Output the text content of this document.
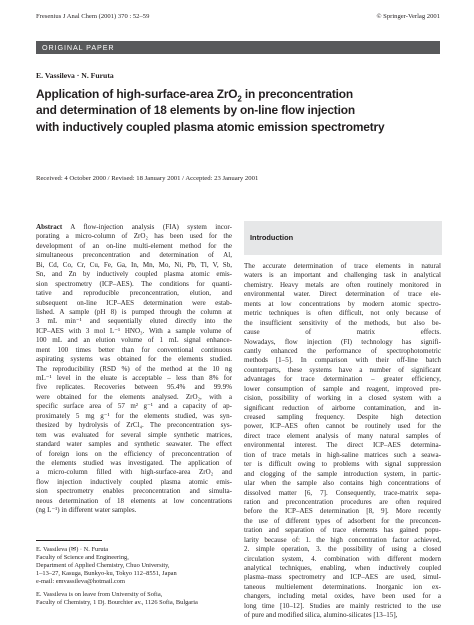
Fresenius J Anal Chem (2001) 370 : 52–59	© Springer-Verlag 2001
ORIGINAL PAPER
E. Vassileva · N. Furuta
Application of high-surface-area ZrO$_2$ in preconcentration
and determination of 18 elements by on-line flow injection
with inductively coupled plasma atomic emission spectrometry
Received: 4 October 2000 / Revised: 18 January 2001 / Accepted: 23 January 2001
Abstract A flow-injection analysis (FIA) system incor-
porating a micro-column of ZrO₂ has been used for the
development of an on-line multi-element method for the
simultaneous preconcentration and determination of Al,
Bi, Cd, Co, Cr, Cu, Fe, Ga, In, Mn, Mo, Ni, Pb, Tl, V, Sb,
Sn, and Zn by inductively coupled plasma atomic emis-
sion spectrometry (ICP–AES). The conditions for quanti-
tative and reproducible preconcentration, elution, and
subsequent on-line ICP–AES determination were estab-
lished. A sample (pH 8) is pumped through the column at
3 mL min⁻¹ and sequentially eluted directly into the
ICP–AES with 3 mol L⁻¹ HNO₃. With a sample volume of
100 mL and an elution volume of 1 mL signal enhance-
ment 100 times better than for conventional continuous
aspirating systems was obtained for the elements studied.
The reproducibility (RSD %) of the method at the 10 ng
mL⁻¹ level in the eluate is acceptable – less than 8% for
five replicates. Recoveries between 95.4% and 99.9%
were obtained for the elements analysed. ZrO₂, with a
specific surface area of 57 m² g⁻¹ and a capacity of ap-
proximately 5 mg g⁻¹ for the elements studied, was syn-
thesized by hydrolysis of ZrCl₄. The preconcentration sys-
tem was evaluated for several simple synthetic matrices,
standard water samples and synthetic seawater. The effect
of foreign ions on the efficiency of preconcentration of
the elements studied was investigated. The application of
a micro-column filled with high-surface-area ZrO₂ and
flow injection inductively coupled plasma atomic emis-
sion spectrometry enables preconcentration and simulta-
neous determination of 18 elements at low concentrations
(ng L⁻¹) in different water samples.
Introduction
The accurate determination of trace elements in natural
waters is an important and challenging task in analytical
chemistry. Heavy metals are often routinely monitored in
environmental water. Direct determination of trace ele-
ments at low concentrations by modern atomic spectro-
metric techniques is often difficult, not only because of
the insufficient sensitivity of the methods, but also be-
cause of matrix effects.
Nowadays, flow injection (FI) technology has signifi-
cantly enhanced the performance of spectrophotometric
methods [1–5]. In comparison with their off-line batch
counterparts, these systems have a number of significant
advantages for trace determination – greater efficiency,
lower consumption of sample and reagent, improved pre-
cision, possibility of working in a closed system with a
significant reduction of airborne contamination, and in-
creased sampling frequency. Despite high detection
power, ICP–AES often cannot be routinely used for the
direct trace element analysis of many natural samples of
environmental interest. The direct ICP–AES determina-
tion of trace metals in high-saline matrices such a seawa-
ter is difficult owing to problems with signal suppression
and clogging of the sample introduction system, in partic-
ular when the sample also contains high concentrations of
dissolved matter [6, 7]. Consequently, trace-matrix sepa-
ration and preconcentration procedures are often required
before the ICP–AES determination [8, 9]. More recently
the use of different types of adsorbent for the preconcen-
tration and separation of trace elements has gained popu-
larity because of: 1. the high concentration factor achieved,
2. simple operation, 3. the possibility of using a closed
circulation system, 4. combination with different modern
analytical techniques, enabling, when inductively coupled
plasma–mass spectrometry and ICP–AES are used, simul-
taneous multielement determinations. Inorganic ion ex-
changers, including metal oxides, have been used for a
long time [10–12]. Studies are mainly restricted to the use
of pure and modified silica, alumino-silicates [13–15],
E. Vassileva (✉) · N. Furuta
Faculty of Science and Engineering,
Department of Applied Chemistry, Chuo University,
1–13–27, Kasuga, Bunkyo-ku, Tokyo 112–8551, Japan
e-mail: emvassileva@hotmail.com
E. Vassileva is on leave from University of Sofia,
Faculty of Chemistry, 1 Dj. Bourchier av., 1126 Sofia, Bulgaria
